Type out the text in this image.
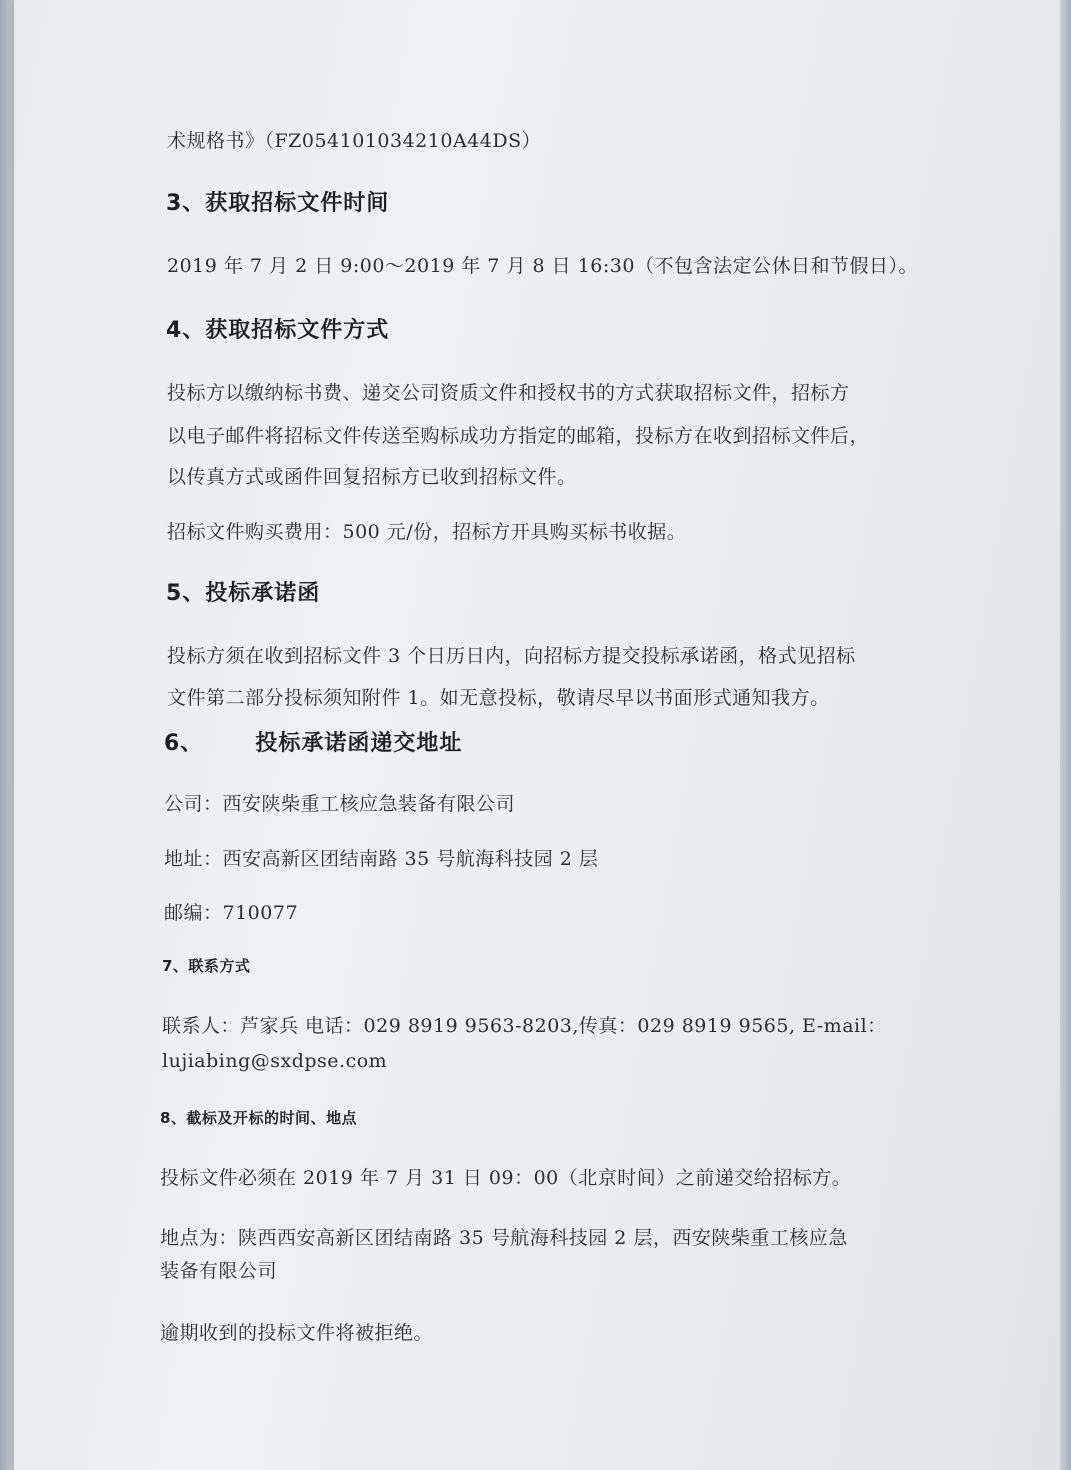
术规格书》（FZ054101034210A44DS）
3、获取招标文件时间
2019 年 7 月 2 日 9:00～2019 年 7 月 8 日 16:30（不包含法定公休日和节假日）。
4、获取招标文件方式
投标方以缴纳标书费、递交公司资质文件和授权书的方式获取招标文件，招标方
以电子邮件将招标文件传送至购标成功方指定的邮箱，投标方在收到招标文件后，
以传真方式或函件回复招标方已收到招标文件。
招标文件购买费用：500 元/份，招标方开具购买标书收据。
5、投标承诺函
投标方须在收到招标文件 3 个日历日内，向招标方提交投标承诺函，格式见招标
文件第二部分投标须知附件 1。如无意投标，敬请尽早以书面形式通知我方。
6、 投标承诺函递交地址
公司：西安陕柴重工核应急装备有限公司
地址：西安高新区团结南路 35 号航海科技园 2 层
邮编：710077
7、联系方式
联系人：芦家兵 电话：029 8919 9563-8203,传真：029 8919 9565, E-mail：
lujiabing@sxdpse.com
8、截标及开标的时间、地点
投标文件必须在 2019 年 7 月 31 日 09：00（北京时间）之前递交给招标方。
地点为：陕西西安高新区团结南路 35 号航海科技园 2 层，西安陕柴重工核应急
装备有限公司
逾期收到的投标文件将被拒绝。
